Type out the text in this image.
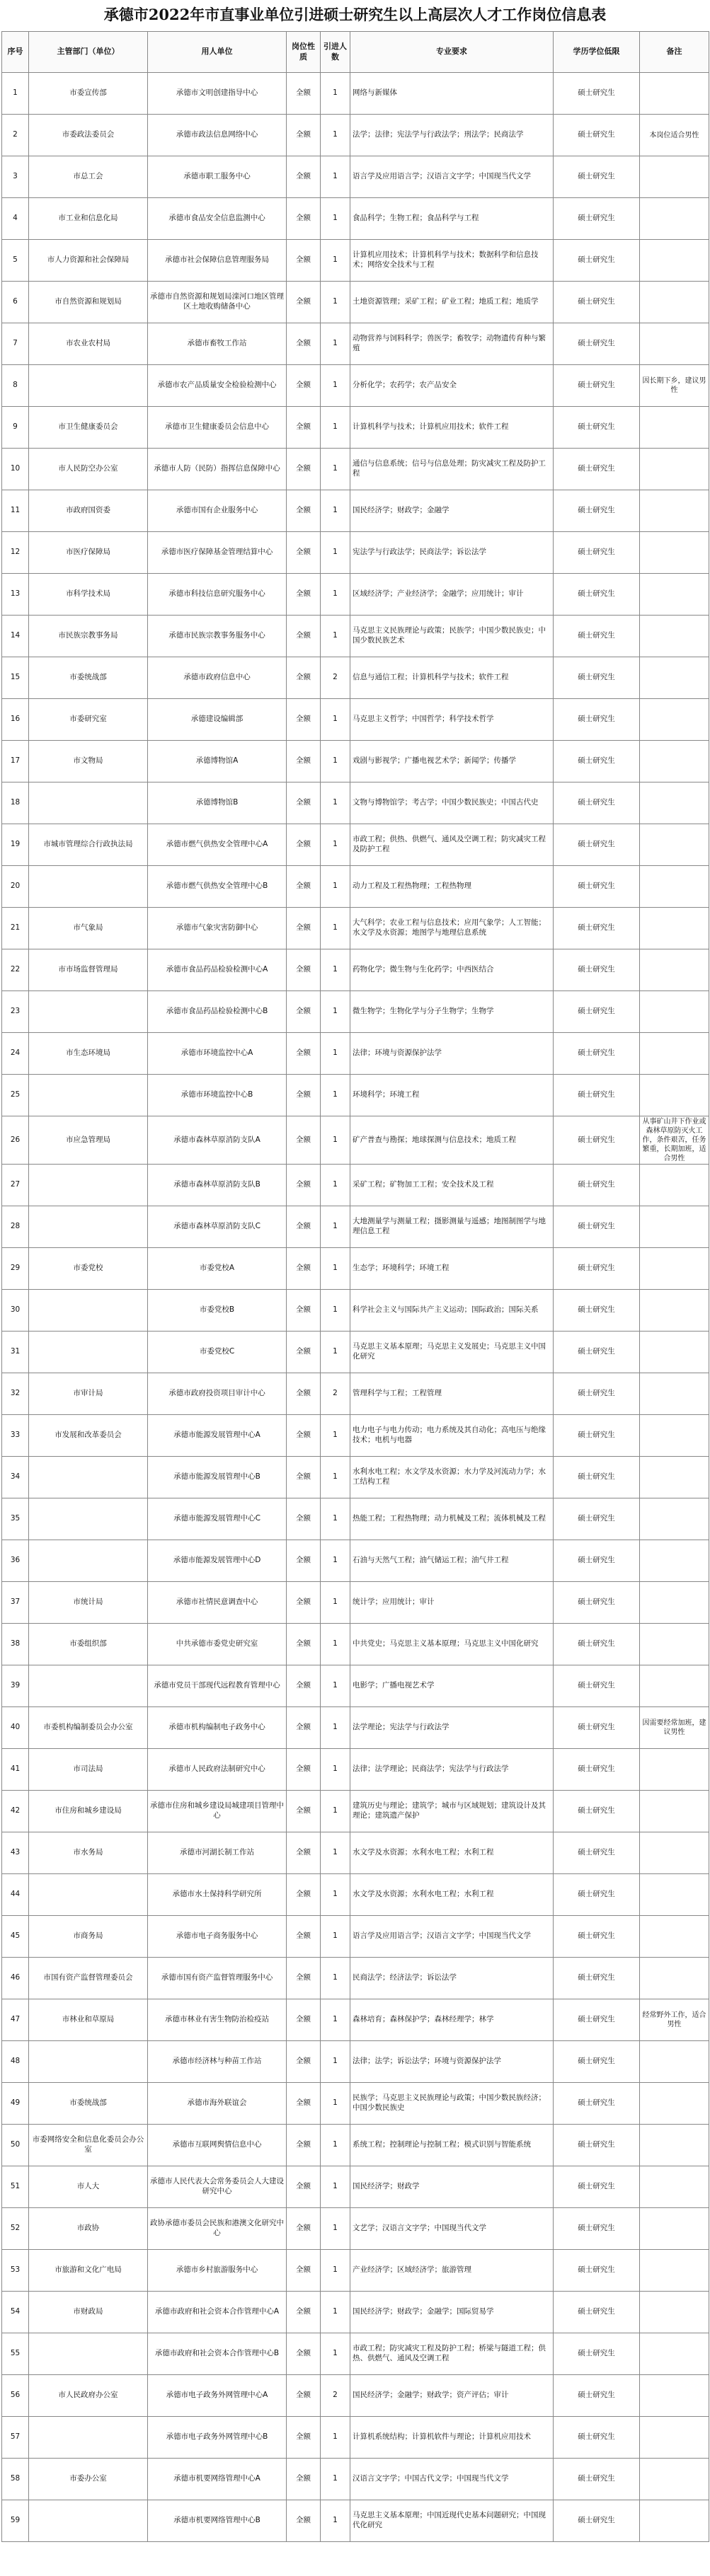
承德市2022年市直事业单位引进硕士研究生以上高层次人才工作岗位信息表
序号	主管部门（单位）	用人单位	岗位性质	引进人数	专业要求	学历学位低限	备注
1	市委宣传部	承德市文明创建指导中心	全额	1	网络与新媒体	硕士研究生	
2	市委政法委员会	承德市政法信息网络中心	全额	1	法学；法律；宪法学与行政法学；刑法学；民商法学	硕士研究生	本岗位适合男性
3	市总工会	承德市职工服务中心	全额	1	语言学及应用语言学；汉语言文字学；中国现当代文学	硕士研究生	
4	市工业和信息化局	承德市食品安全信息监测中心	全额	1	食品科学；生物工程；食品科学与工程	硕士研究生	
5	市人力资源和社会保障局	承德市社会保障信息管理服务局	全额	1	计算机应用技术；计算机科学与技术；数据科学和信息技术；网络安全技术与工程	硕士研究生	
6	市自然资源和规划局	承德市自然资源和规划局滦河口地区管理区土地收购储备中心	全额	1	土地资源管理；采矿工程；矿业工程；地质工程；地质学	硕士研究生	
7	市农业农村局	承德市畜牧工作站	全额	1	动物营养与饲料科学；兽医学；畜牧学；动物遗传育种与繁殖	硕士研究生	
8		承德市农产品质量安全检验检测中心	全额	1	分析化学；农药学；农产品安全	硕士研究生	因长期下乡，建议男性
9	市卫生健康委员会	承德市卫生健康委员会信息中心	全额	1	计算机科学与技术；计算机应用技术；软件工程	硕士研究生	
10	市人民防空办公室	承德市人防（民防）指挥信息保障中心	全额	1	通信与信息系统；信号与信息处理；防灾减灾工程及防护工程	硕士研究生	
11	市政府国资委	承德市国有企业服务中心	全额	1	国民经济学；财政学；金融学	硕士研究生	
12	市医疗保障局	承德市医疗保障基金管理结算中心	全额	1	宪法学与行政法学；民商法学；诉讼法学	硕士研究生	
13	市科学技术局	承德市科技信息研究服务中心	全额	1	区域经济学；产业经济学；金融学；应用统计；审计	硕士研究生	
14	市民族宗教事务局	承德市民族宗教事务服务中心	全额	1	马克思主义民族理论与政策；民族学；中国少数民族史；中国少数民族艺术	硕士研究生	
15	市委统战部	承德市政府信息中心	全额	2	信息与通信工程；计算机科学与技术；软件工程	硕士研究生	
16	市委研究室	承德建设编辑部	全额	1	马克思主义哲学；中国哲学；科学技术哲学	硕士研究生	
17	市文物局	承德博物馆A	全额	1	戏剧与影视学；广播电视艺术学；新闻学；传播学	硕士研究生	
18		承德博物馆B	全额	1	文物与博物馆学；考古学；中国少数民族史；中国古代史	硕士研究生	
19	市城市管理综合行政执法局	承德市燃气供热安全管理中心A	全额	1	市政工程；供热、供燃气、通风及空调工程；防灾减灾工程及防护工程	硕士研究生	
20		承德市燃气供热安全管理中心B	全额	1	动力工程及工程热物理；工程热物理	硕士研究生	
21	市气象局	承德市气象灾害防御中心	全额	1	大气科学；农业工程与信息技术；应用气象学；人工智能；水文学及水资源；地图学与地理信息系统	硕士研究生	
22	市市场监督管理局	承德市食品药品检验检测中心A	全额	1	药物化学；微生物与生化药学；中西医结合	硕士研究生	
23		承德市食品药品检验检测中心B	全额	1	微生物学；生物化学与分子生物学；生物学	硕士研究生	
24	市生态环境局	承德市环境监控中心A	全额	1	法律；环境与资源保护法学	硕士研究生	
25		承德市环境监控中心B	全额	1	环境科学；环境工程	硕士研究生	
26	市应急管理局	承德市森林草原消防支队A	全额	1	矿产普查与勘探；地球探测与信息技术；地质工程	硕士研究生	从事矿山井下作业或森林草原防灭火工作，条件艰苦，任务繁重，长期加班，适合男性
27		承德市森林草原消防支队B	全额	1	采矿工程；矿物加工工程；安全技术及工程	硕士研究生	
28		承德市森林草原消防支队C	全额	1	大地测量学与测量工程；摄影测量与遥感；地图制图学与地理信息工程	硕士研究生	
29	市委党校	市委党校A	全额	1	生态学；环境科学；环境工程	硕士研究生	
30		市委党校B	全额	1	科学社会主义与国际共产主义运动；国际政治；国际关系	硕士研究生	
31		市委党校C	全额	1	马克思主义基本原理；马克思主义发展史；马克思主义中国化研究	硕士研究生	
32	市审计局	承德市政府投资项目审计中心	全额	2	管理科学与工程；工程管理	硕士研究生	
33	市发展和改革委员会	承德市能源发展管理中心A	全额	1	电力电子与电力传动；电力系统及其自动化；高电压与绝缘技术；电机与电器	硕士研究生	
34		承德市能源发展管理中心B	全额	1	水利水电工程；水文学及水资源；水力学及河流动力学；水工结构工程	硕士研究生	
35		承德市能源发展管理中心C	全额	1	热能工程；工程热物理；动力机械及工程；流体机械及工程	硕士研究生	
36		承德市能源发展管理中心D	全额	1	石油与天然气工程；油气储运工程；油气井工程	硕士研究生	
37	市统计局	承德市社情民意调查中心	全额	1	统计学；应用统计；审计	硕士研究生	
38	市委组织部	中共承德市委党史研究室	全额	1	中共党史；马克思主义基本原理；马克思主义中国化研究	硕士研究生	
39		承德市党员干部现代远程教育管理中心	全额	1	电影学；广播电视艺术学	硕士研究生	
40	市委机构编制委员会办公室	承德市机构编制电子政务中心	全额	1	法学理论；宪法学与行政法学	硕士研究生	因需要经常加班，建议男性
41	市司法局	承德市人民政府法制研究中心	全额	1	法律；法学理论；民商法学；宪法学与行政法学	硕士研究生	
42	市住房和城乡建设局	承德市住房和城乡建设局城建项目管理中心	全额	1	建筑历史与理论；建筑学；城市与区域规划；建筑设计及其理论；建筑遗产保护	硕士研究生	
43	市水务局	承德市河湖长制工作站	全额	1	水文学及水资源；水利水电工程；水利工程	硕士研究生	
44		承德市水土保持科学研究所	全额	1	水文学及水资源；水利水电工程；水利工程	硕士研究生	
45	市商务局	承德市电子商务服务中心	全额	1	语言学及应用语言学；汉语言文字学；中国现当代文学	硕士研究生	
46	市国有资产监督管理委员会	承德市国有资产监督管理服务中心	全额	1	民商法学；经济法学；诉讼法学	硕士研究生	
47	市林业和草原局	承德市林业有害生物防治检疫站	全额	1	森林培育；森林保护学；森林经理学；林学	硕士研究生	经常野外工作，适合男性
48		承德市经济林与种苗工作站	全额	1	法律；法学；诉讼法学；环境与资源保护法学	硕士研究生	
49	市委统战部	承德市海外联谊会	全额	1	民族学；马克思主义民族理论与政策；中国少数民族经济；中国少数民族史	硕士研究生	
50	市委网络安全和信息化委员会办公室	承德市互联网舆情信息中心	全额	1	系统工程；控制理论与控制工程；模式识别与智能系统	硕士研究生	
51	市人大	承德市人民代表大会常务委员会人大建设研究中心	全额	1	国民经济学；财政学	硕士研究生	
52	市政协	政协承德市委员会民族和港澳文化研究中心	全额	1	文艺学；汉语言文字学；中国现当代文学	硕士研究生	
53	市旅游和文化广电局	承德市乡村旅游服务中心	全额	1	产业经济学；区域经济学；旅游管理	硕士研究生	
54	市财政局	承德市政府和社会资本合作管理中心A	全额	1	国民经济学；财政学；金融学；国际贸易学	硕士研究生	
55		承德市政府和社会资本合作管理中心B	全额	1	市政工程；防灾减灾工程及防护工程；桥梁与隧道工程；供热、供燃气、通风及空调工程	硕士研究生	
56	市人民政府办公室	承德市电子政务外网管理中心A	全额	2	国民经济学；金融学；财政学；资产评估；审计	硕士研究生	
57		承德市电子政务外网管理中心B	全额	1	计算机系统结构；计算机软件与理论；计算机应用技术	硕士研究生	
58	市委办公室	承德市机要网络管理中心A	全额	1	汉语言文字学；中国古代文学；中国现当代文学	硕士研究生	
59		承德市机要网络管理中心B	全额	1	马克思主义基本原理；中国近现代史基本问题研究；中国现代化研究	硕士研究生	
